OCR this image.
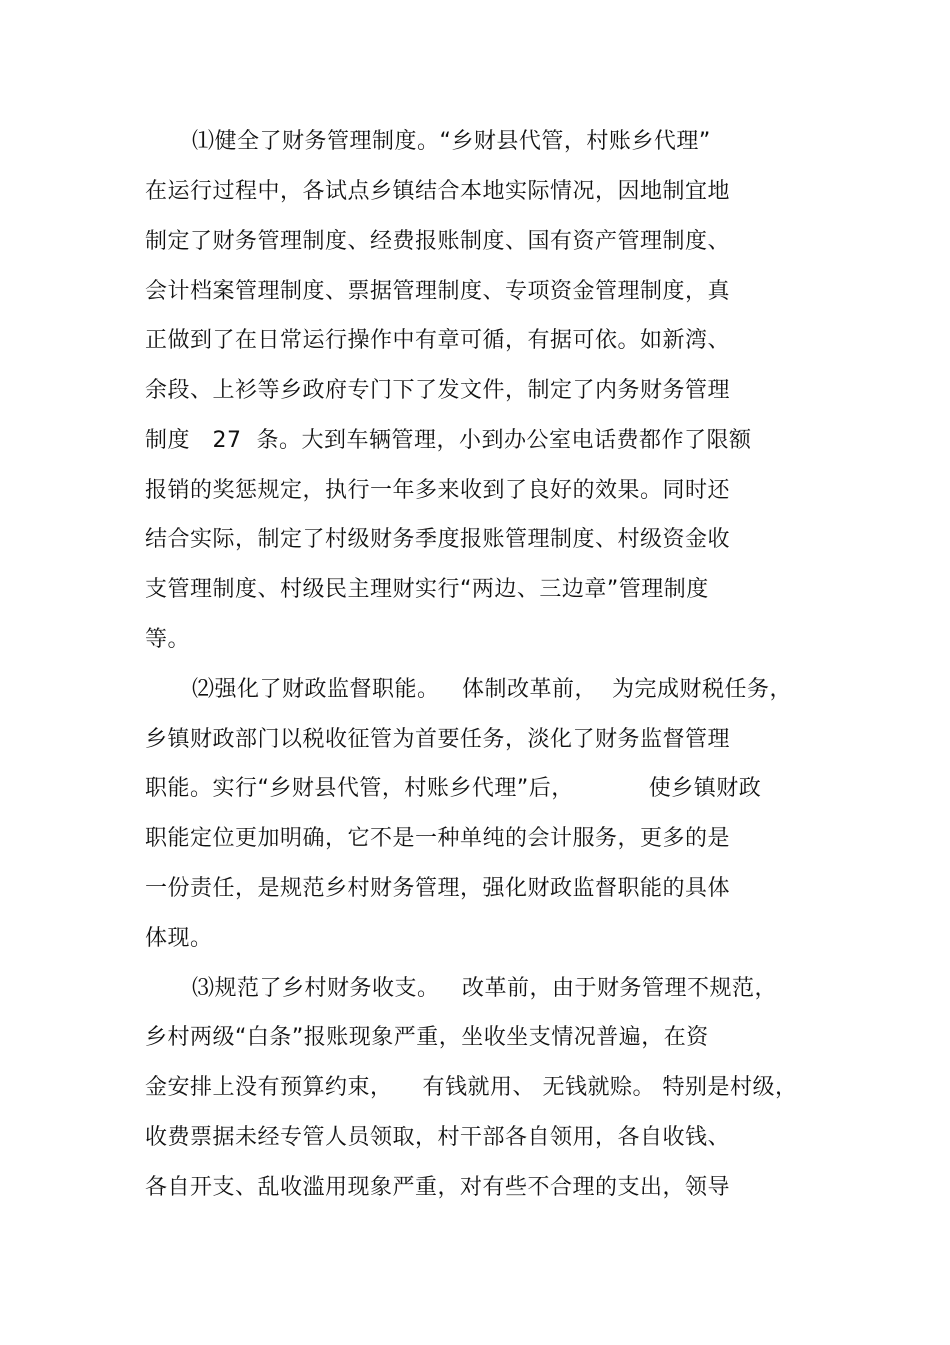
⑴健全了财务管理制度。“乡财县代管，村账乡代理”
在运行过程中，各试点乡镇结合本地实际情况，因地制宜地
制定了财务管理制度、经费报账制度、国有资产管理制度、
会计档案管理制度、票据管理制度、专项资金管理制度，真
正做到了在日常运行操作中有章可循，有据可依。如新湾、
余段、上衫等乡政府专门下了发文件，制定了内务财务管理
制度   27  条。大到车辆管理，小到办公室电话费都作了限额
报销的奖惩规定，执行一年多来收到了良好的效果。同时还
结合实际，制定了村级财务季度报账管理制度、村级资金收
支管理制度、村级民主理财实行“两边、三边章”管理制度
等。
⑵强化了财政监督职能。   体制改革前，  为完成财税任务，
乡镇财政部门以税收征管为首要任务，淡化了财务监督管理
职能。实行“乡财县代管，村账乡代理”后，          使乡镇财政
职能定位更加明确，它不是一种单纯的会计服务，更多的是
一份责任，是规范乡村财务管理，强化财政监督职能的具体
体现。
⑶规范了乡村财务收支。   改革前，由于财务管理不规范，
乡村两级“白条”报账现象严重，坐收坐支情况普遍，在资
金安排上没有预算约束，    有钱就用、 无钱就赊。 特别是村级，
收费票据未经专管人员领取，村干部各自领用，各自收钱、
各自开支、乱收滥用现象严重，对有些不合理的支出，领导
